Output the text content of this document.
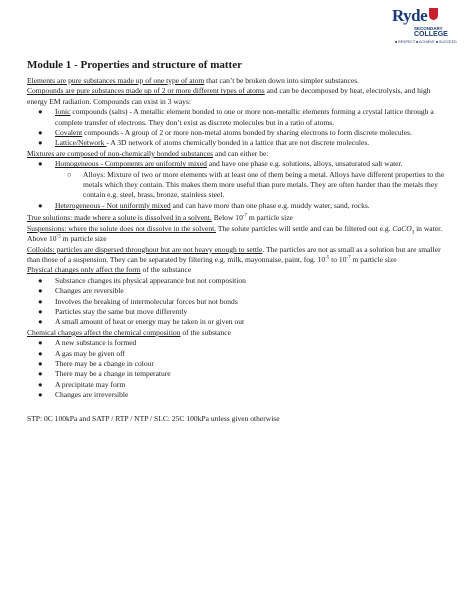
Ryde
SECONDARY
COLLEGE
■ RESPECT ■ ACHIEVE ■ SUCCEED
Module 1 - Properties and structure of matter

Elements are pure substances made up of one type of atom that can’t be broken down into simpler substances.

Compounds are pure substances made up of 2 or more different types of atoms and can be decomposed by heat, electrolysis, and high energy EM radiation. Compounds can exist in 3 ways:

● Ionic compounds (salts) - A metallic element bonded to one or more non-metallic elements forming a crystal lattice through a complete transfer of electrons. They don’t exist as discrete molecules but in a ratio of atoms.
● Covalent compounds - A group of 2 or more non-metal atoms bonded by sharing electrons to form discrete molecules.
● Lattice/Network - A 3D network of atoms chemically bonded in a lattice that are not discrete molecules.

Mixtures are composed of non-chemically bonded substances and can either be:

● Homogeneous - Components are uniformly mixed and have one phase e.g. solutions, alloys, unsaturated salt water.
○ Alloys: Mixture of two or more elements with at least one of them being a metal. Alloys have different properties to the metals which they contain. This makes them more useful than pure metals. They are often harder than the metals they contain e.g. steel, brass, bronze, stainless steel.
● Heterogeneous - Not uniformly mixed and can have more than one phase e.g. muddy water, sand, rocks.

True solutions: made where a solute is dissolved in a solvent. Below $10^{-7}$ m particle size

Suspensions: where the solute does not dissolve in the solvent. The solute particles will settle and can be filtered out e.g. CaCO$_3$ in water. Above $10^{-5}$ m particle size

Colloids: particles are dispersed throughout but are not heavy enough to settle. The particles are not as small as a solution but are smaller than those of a suspension. They can be separated by filtering e.g. milk, mayonnaise, paint, fog. $10^{-5}$ to $10^{-7}$ m particle size

Physical changes only affect the form of the substance

● Substance changes its physical appearance but not composition
● Changes are reversible
● Involves the breaking of intermolecular forces but not bonds
● Particles stay the same but move differently
● A small amount of heat or energy may be taken in or given out

Chemical changes affect the chemical composition of the substance

● A new substance is formed
● A gas may be given off
● There may be a change in colour
● There may be a change in temperature
● A precipitate may form
● Changes are irreversible

STP: 0C 100kPa and SATP / RTP / NTP / SLC: 25C 100kPa unless given otherwise
